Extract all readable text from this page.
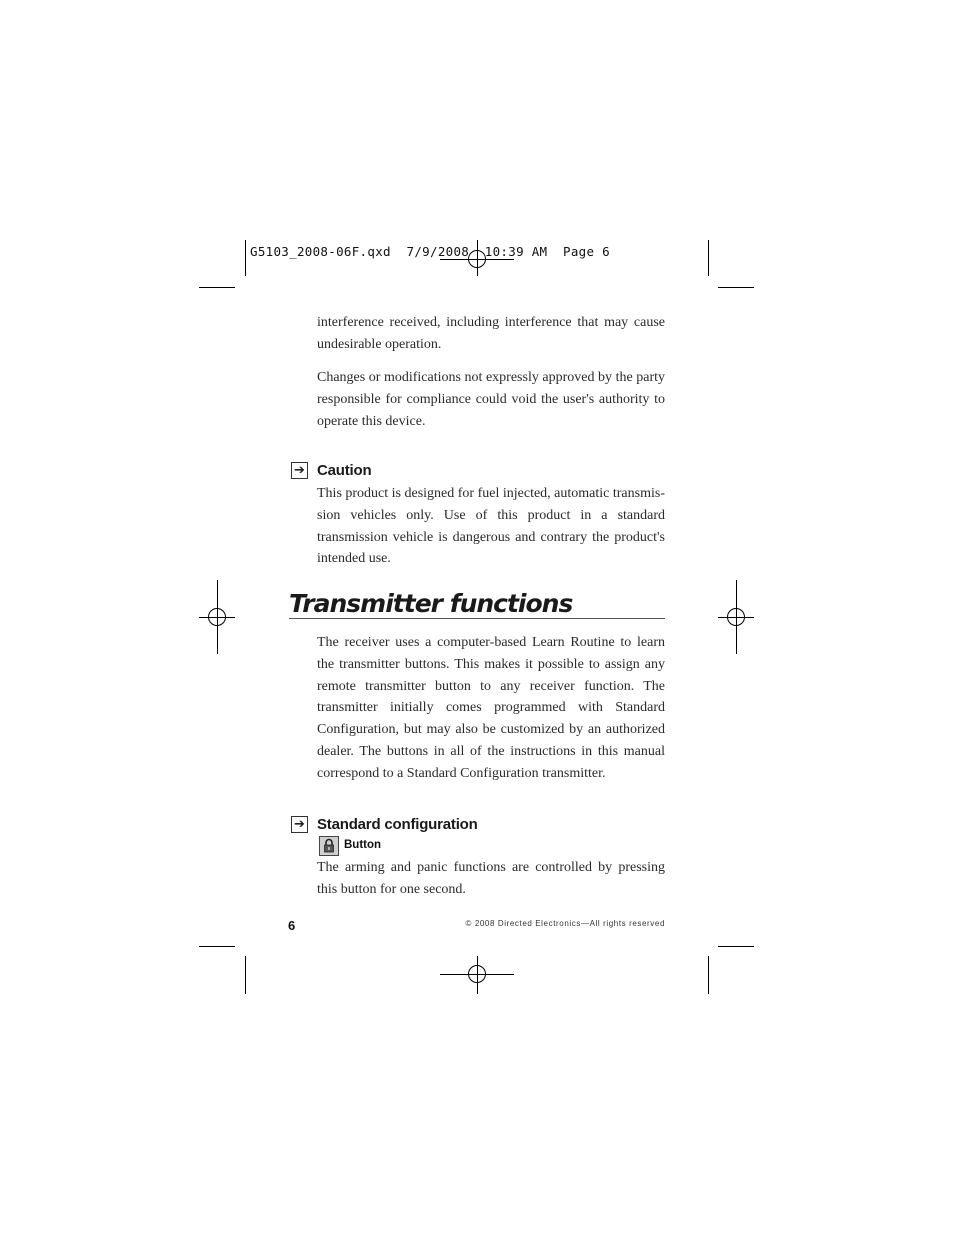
G5103_2008-06F.qxd  7/9/2008  10:39 AM  Page 6

interference received, including interference that may cause undesirable operation.

Changes or modifications not expressly approved by the party responsible for compliance could void the user's authority to operate this device.

➔ Caution

This product is designed for fuel injected, automatic transmission vehicles only. Use of this product in a standard transmission vehicle is dangerous and contrary the product's intended use.

Transmitter functions

The receiver uses a computer-based Learn Routine to learn the transmitter buttons. This makes it possible to assign any remote transmitter button to any receiver function. The transmitter initially comes programmed with Standard Configuration, but may also be customized by an authorized dealer. The buttons in all of the instructions in this manual correspond to a Standard Configuration transmitter.

➔ Standard configuration
Button

The arming and panic functions are controlled by pressing this button for one second.

6	© 2008 Directed Electronics—All rights reserved
